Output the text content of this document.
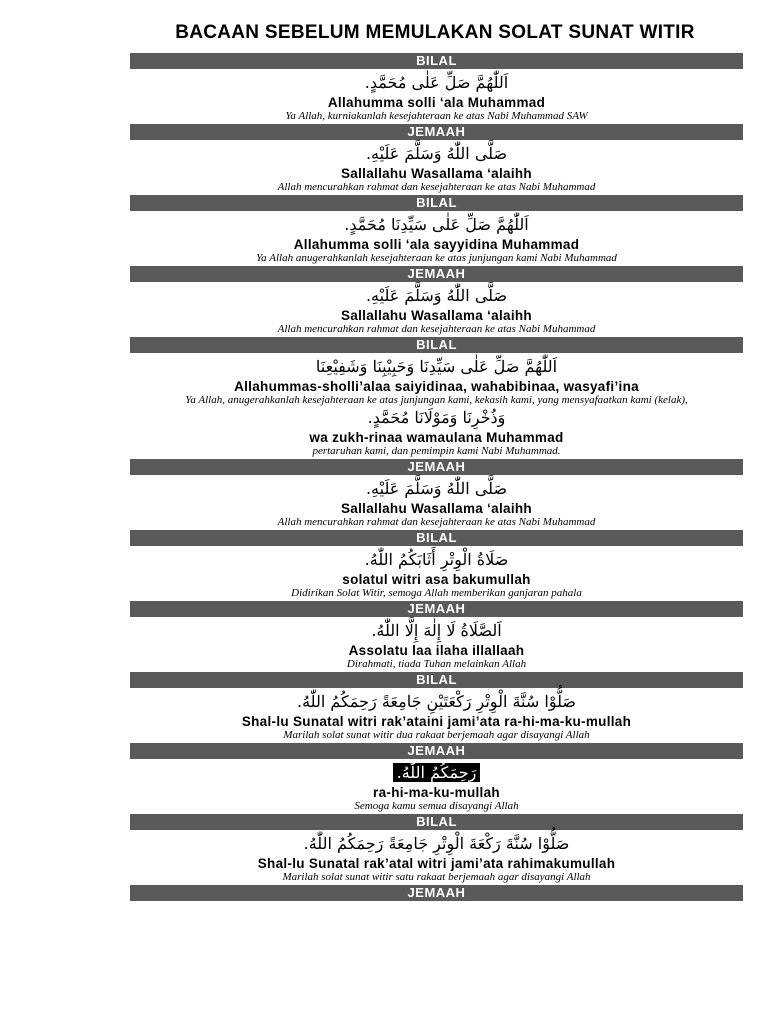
BACAAN SEBELUM MEMULAKAN SOLAT SUNAT WITIR
BILAL
اَللّٰهُمَّ صَلِّ عَلٰى مُحَمَّدٍ.
Allahumma solli ‘ala Muhammad
Ya Allah, kurniakanlah kesejahteraan ke atas Nabi Muhammad SAW
JEMAAH
صَلَّى اللّٰهُ وَسَلَّمَ عَلَيْهِ.
Sallallahu Wasallama ‘alaihh
Allah mencurahkan rahmat dan kesejahteraan ke atas Nabi Muhammad
BILAL
اَللّٰهُمَّ صَلِّ عَلٰى سَيِّدِنَا مُحَمَّدٍ.
Allahumma solli ‘ala sayyidina Muhammad
Ya Allah anugerahkanlah kesejahteraan ke atas junjungan kami Nabi Muhammad
JEMAAH
صَلَّى اللّٰهُ وَسَلَّمَ عَلَيْهِ.
Sallallahu Wasallama ‘alaihh
Allah mencurahkan rahmat dan kesejahteraan ke atas Nabi Muhammad
BILAL
اَللّٰهُمَّ صَلِّ عَلٰى سَيِّدِنَا وَحَبِيْبِنَا وَشَفِيْعِنَا
Allahummas-sholli’alaa saiyidinaa, wahabibinaa, wasyafi’ina
Ya Allah, anugerahkanlah kesejahteraan ke atas junjungan kami, kekasih kami, yang mensyafaatkan kami (kelak),
وَذُخْرِنَا وَمَوْلَانَا مُحَمَّدٍ.
wa zukh-rinaa wamaulana Muhammad
pertaruhan kami, dan pemimpin kami Nabi Muhammad.
JEMAAH
صَلَّى اللّٰهُ وَسَلَّمَ عَلَيْهِ.
Sallallahu Wasallama ‘alaihh
Allah mencurahkan rahmat dan kesejahteraan ke atas Nabi Muhammad
BILAL
صَلَاةُ الْوِتْرِ أَثَابَكُمُ اللّٰهُ.
solatul witri asa bakumullah
Didirikan Solat Witir, semoga Allah memberikan ganjaran pahala
JEMAAH
اَلصَّلَاةُ لَا إِلٰهَ إِلَّا اللّٰهُ.
Assolatu laa ilaha illallaah
Dirahmati, tiada Tuhan melainkan Allah
BILAL
صَلُّوْا سُنَّةَ الْوِتْرِ رَكْعَتَيْنِ جَامِعَةً رَحِمَكُمُ اللّٰهُ.
Shal-lu Sunatal witri rak’ataini jami’ata ra-hi-ma-ku-mullah
Marilah solat sunat witir dua rakaat berjemaah agar disayangi Allah
JEMAAH
رَحِمَكُمُ اللّٰهُ.
ra-hi-ma-ku-mullah
Semoga kamu semua disayangi Allah
BILAL
صَلُّوْا سُنَّةَ رَكْعَةَ الْوِتْرِ جَامِعَةً رَحِمَكُمُ اللّٰهُ.
Shal-lu Sunatal rak’atal witri jami’ata rahimakumullah
Marilah solat sunat witir satu rakaat berjemaah agar disayangi Allah
JEMAAH
